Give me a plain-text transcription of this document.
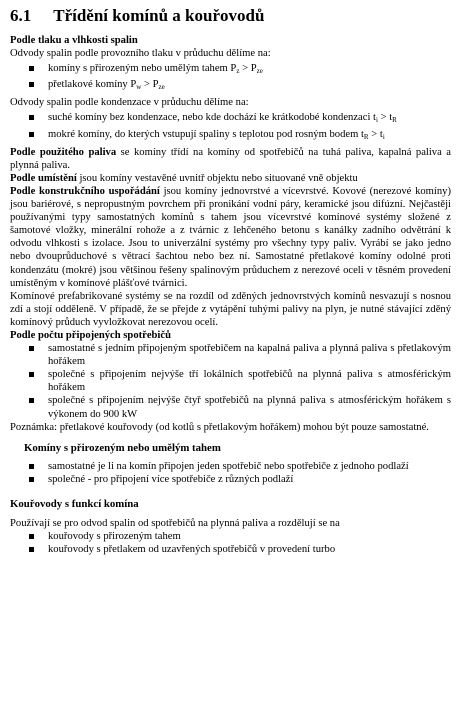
6.1 Třídění komínů a kouřovodů

Podle tlaku a vlhkosti spalin

Odvody spalin podle provozního tlaku v průduchu dělíme na:

komíny s přirozeným nebo umělým tahem $P_z > P_{ze}$
přetlakové komíny $P_w > P_{ze}$

Odvody spalin podle kondenzace v průduchu dělíme na:

suché komíny bez kondenzace, nebo kde dochází ke krátkodobé kondenzaci $t_i > t_R$
mokré komíny, do kterých vstupují spaliny s teplotou pod rosným bodem $t_R > t_i$

Podle použitého paliva se komíny třídí na komíny od spotřebičů na tuhá paliva, kapalná paliva a plynná paliva.

Podle umístění jsou komíny vestavěné uvnitř objektu nebo situované vně objektu

Podle konstrukčního uspořádání jsou komíny jednovrstvé a vícevrstvé. Kovové (nerezové komíny) jsou bariérové, s nepropustným povrchem při pronikání vodní páry, keramické jsou difúzní. Nejčastěji používanými typy samostatných komínů s tahem jsou vícevrstvé komínové systémy složené z šamotové vložky, minerální rohože a z tvárnic z lehčeného betonu s kanálky zadního odvětrání k odvodu vlhkosti s izolace. Jsou to univerzální systémy pro všechny typy paliv. Vyrábí se jako jedno nebo dvouprůduchové s větrací šachtou nebo bez ní. Samostatné přetlakové komíny odolné proti kondenzátu (mokré) jsou většinou řešeny spalinovým průduchem z nerezové oceli v těsném provedení umístěným v komínové plášťové tvárnici.

Komínové prefabrikované systémy se na rozdíl od zděných jednovrstvých komínů nesvazují s nosnou zdí a stojí odděleně. V případě, že se přejde z vytápění tuhými palivy na plyn, je nutné stávající zděný komínový průduch vyvložkovat nerezovou ocelí.

Podle počtu připojených spotřebičů

samostatné s jedním připojeným spotřebičem na kapalná paliva a plynná paliva s přetlakovým hořákem
společné s připojením nejvýše tří lokálních spotřebičů na plynná paliva s atmosférickým hořákem
společné s připojením nejvýše čtyř spotřebičů na plynná paliva s atmosférickým hořákem s výkonem do 900 kW

Poznámka: přetlakové kouřovody (od kotlů s přetlakovým hořákem) mohou být pouze samostatné.

Komíny s přirozeným nebo umělým tahem

samostatné je li na komín připojen jeden spotřebič nebo spotřebiče z jednoho podlaží
společné - pro připojení více spotřebiče z různých podlaží

Kouřovody s funkcí komína

Používají se pro odvod spalin od spotřebičů na plynná paliva a rozdělují se na

kouřovody s přirozeným tahem
kouřovody s přetlakem od uzavřených spotřebičů v provedení turbo
